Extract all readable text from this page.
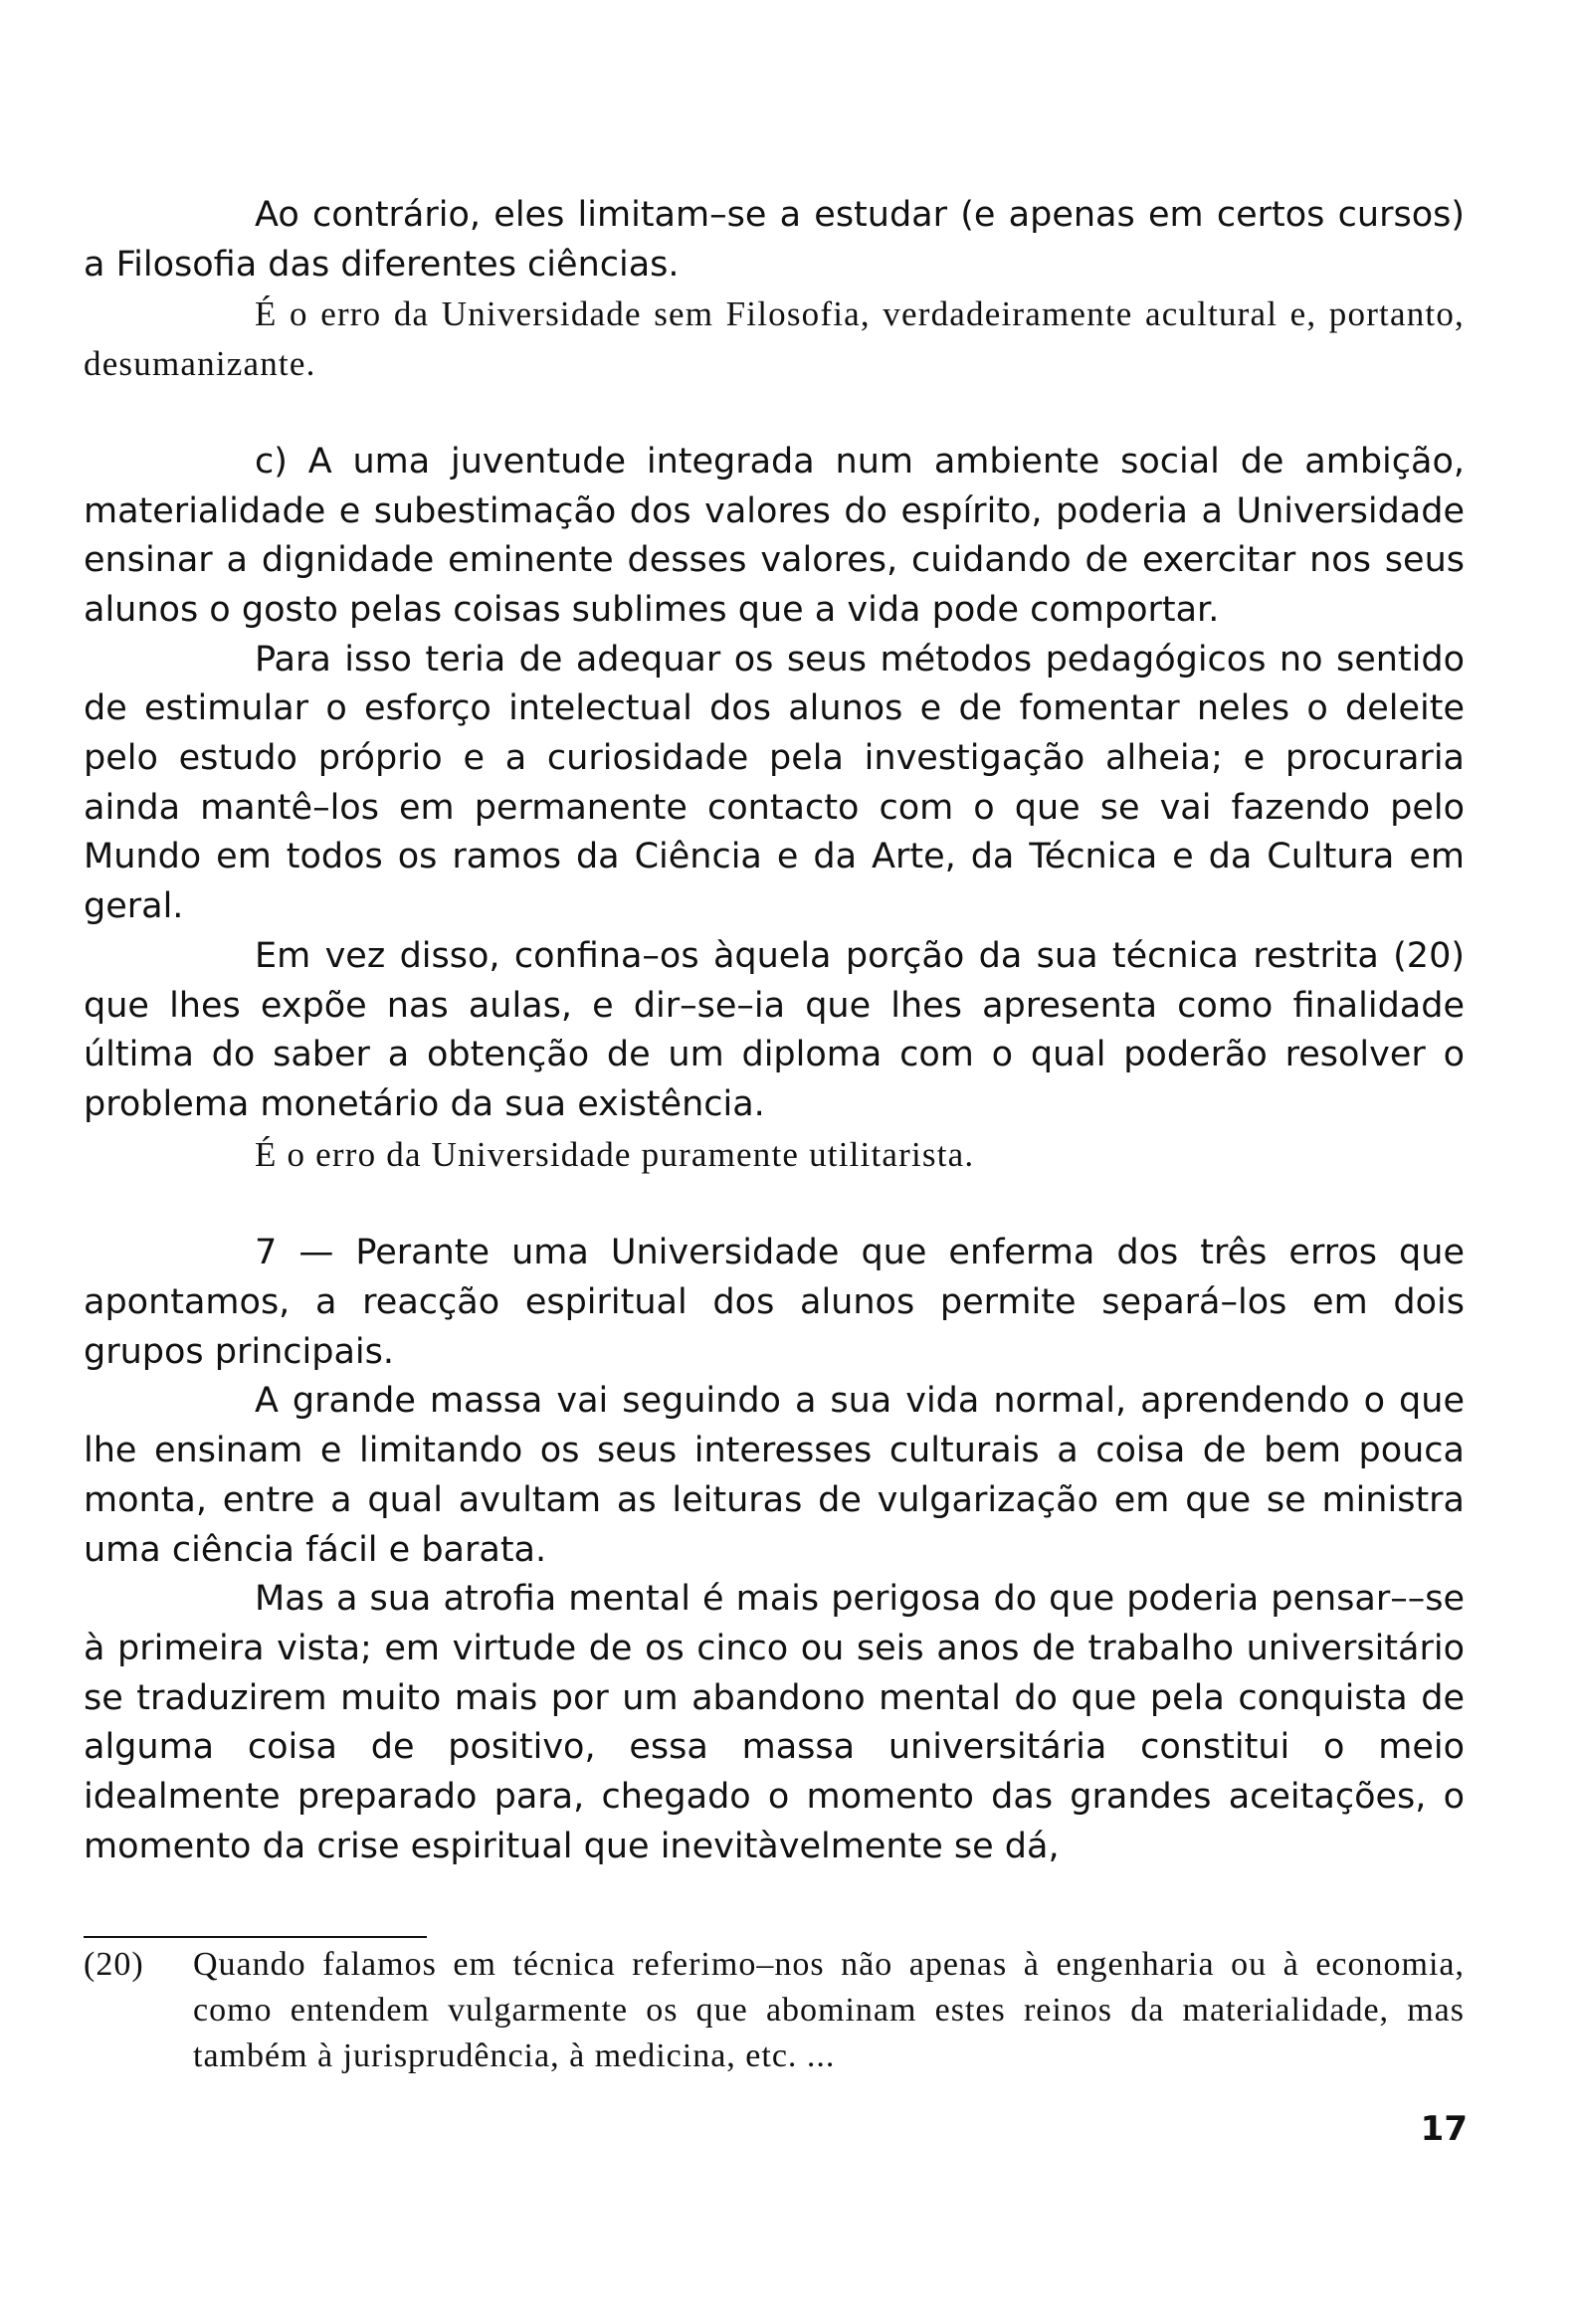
Ao contrário, eles limitam–se a estudar (e apenas em certos cursos) a Filosofia das diferentes ciências.

É o erro da Universidade sem Filosofia, verdadeiramente acultural e, portanto, desumanizante.

c) A uma juventude integrada num ambiente social de ambição, materialidade e subestimação dos valores do espírito, poderia a Universidade ensinar a dignidade eminente desses valores, cuidando de exercitar nos seus alunos o gosto pelas coisas sublimes que a vida pode comportar.

Para isso teria de adequar os seus métodos pedagógicos no sentido de estimular o esforço intelectual dos alunos e de fomentar neles o deleite pelo estudo próprio e a curiosidade pela investigação alheia; e procuraria ainda mantê–los em permanente contacto com o que se vai fazendo pelo Mundo em todos os ramos da Ciência e da Arte, da Técnica e da Cultura em geral.

Em vez disso, confina–os àquela porção da sua técnica restrita (20) que lhes expõe nas aulas, e dir–se–ia que lhes apresenta como finalidade última do saber a obtenção de um diploma com o qual poderão resolver o problema monetário da sua existência.

É o erro da Universidade puramente utilitarista.

7 — Perante uma Universidade que enferma dos três erros que apontamos, a reacção espiritual dos alunos permite separá–los em dois grupos principais.

A grande massa vai seguindo a sua vida normal, aprendendo o que lhe ensinam e limitando os seus interesses culturais a coisa de bem pouca monta, entre a qual avultam as leituras de vulgarização em que se ministra uma ciência fácil e barata.

Mas a sua atrofia mental é mais perigosa do que poderia pensar––se à primeira vista; em virtude de os cinco ou seis anos de trabalho universitário se traduzirem muito mais por um abandono mental do que pela conquista de alguma coisa de positivo, essa massa universitária constitui o meio idealmente preparado para, chegado o momento das grandes aceitações, o momento da crise espiritual que inevitàvelmente se dá,

(20)	Quando falamos em técnica referimo–nos não apenas à engenharia ou à economia, como entendem vulgarmente os que abominam estes reinos da materialidade, mas também à jurisprudência, à medicina, etc. ...
17
